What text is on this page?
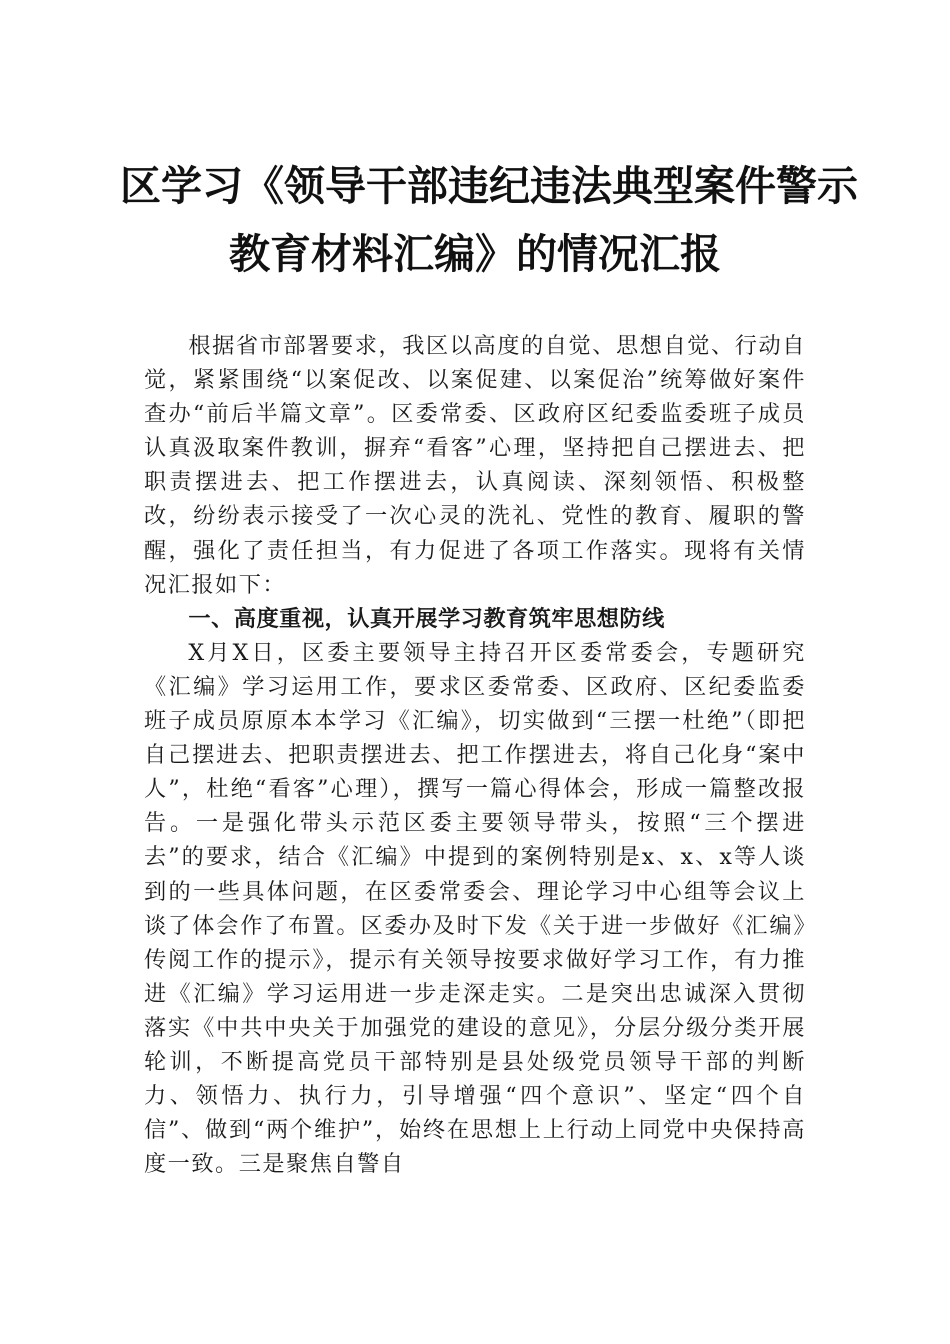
区学习《领导干部违纪违法典型案件警示
教育材料汇编》的情况汇报

根据省市部署要求，我区以高度的自觉、思想自觉、行动自觉，紧紧围绕“以案促改、以案促建、以案促治”统筹做好案件查办“前后半篇文章”。区委常委、区政府区纪委监委班子成员认真汲取案件教训，摒弃“看客”心理，坚持把自己摆进去、把职责摆进去、把工作摆进去，认真阅读、深刻领悟、积极整改，纷纷表示接受了一次心灵的洗礼、党性的教育、履职的警醒，强化了责任担当，有力促进了各项工作落实。现将有关情况汇报如下：

一、高度重视，认真开展学习教育筑牢思想防线

X月X日，区委主要领导主持召开区委常委会，专题研究《汇编》学习运用工作，要求区委常委、区政府、区纪委监委班子成员原原本本学习《汇编》，切实做到“三摆一杜绝”（即把自己摆进去、把职责摆进去、把工作摆进去，将自己化身“案中人”，杜绝“看客”心理），撰写一篇心得体会，形成一篇整改报告。一是强化带头示范区委主要领导带头，按照“三个摆进去”的要求，结合《汇编》中提到的案例特别是x、x、x等人谈到的一些具体问题，在区委常委会、理论学习中心组等会议上谈了体会作了布置。区委办及时下发《关于进一步做好《汇编》传阅工作的提示》，提示有关领导按要求做好学习工作，有力推进《汇编》学习运用进一步走深走实。二是突出忠诚深入贯彻落实《中共中央关于加强党的建设的意见》，分层分级分类开展轮训，不断提高党员干部特别是县处级党员领导干部的判断力、领悟力、执行力，引导增强“四个意识”、坚定“四个自信”、做到“两个维护”，始终在思想上上行动上同党中央保持高度一致。三是聚焦自警自
